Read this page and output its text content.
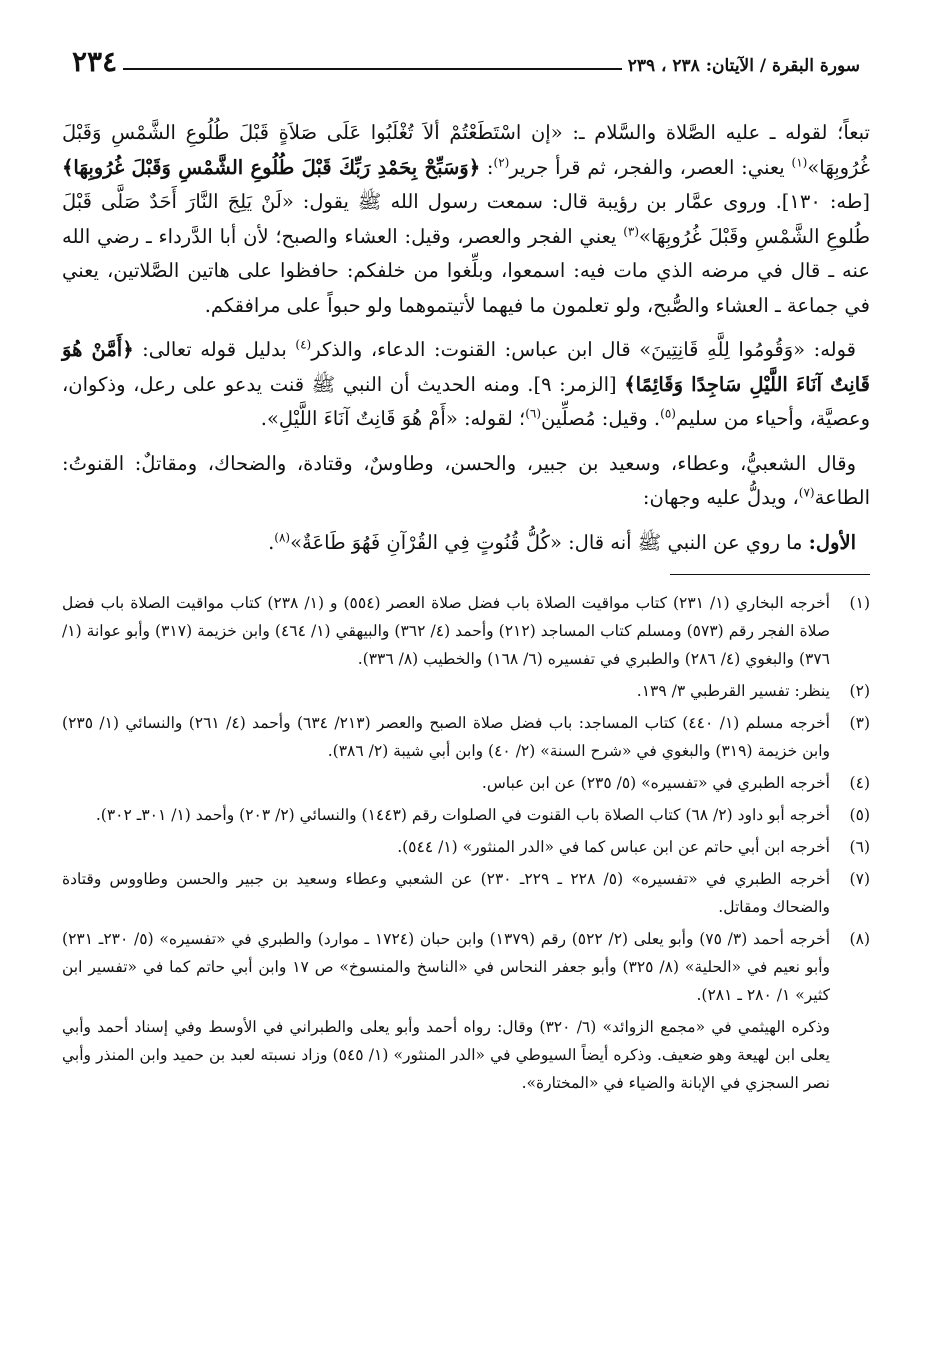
سورة البقرة / الآيتان: ٢٣٨ ، ٢٣٩
٢٣٤

تبعاً؛ لقوله ـ عليه الصَّلاة والسَّلام ـ: «إن اسْتَطَعْتُمْ ألاَ تُغْلَبُوا عَلَى صَلاَةٍ قَبْلَ طُلُوعِ الشَّمْسِ وَقَبْلَ غُرُوبِهَا»$^{(١)}$ يعني: العصر، والفجر، ثم قرأ جرير$^{(٢)}$: ﴿وَسَبِّحْ بِحَمْدِ رَبِّكَ قَبْلَ طُلُوعِ الشَّمْسِ وَقَبْلَ غُرُوبِهَا﴾ [طه: ١٣٠]. وروى عمَّار بن رؤيبة قال: سمعت رسول الله ﷺ يقول: «لَنْ يَلِجَ النَّارَ أَحَدٌ صَلَّى قَبْلَ طُلوعِ الشَّمْسِ وقَبْلَ غُرُوبِهَا»$^{(٣)}$ يعني الفجر والعصر، وقيل: العشاء والصبح؛ لأن أبا الدَّرداء ـ رضي الله عنه ـ قال في مرضه الذي مات فيه: اسمعوا، وبلِّغوا من خلفكم: حافظوا على هاتين الصَّلاتين، يعني في جماعة ـ العشاء والصُّبح، ولو تعلمون ما فيهما لأتيتموهما ولو حبواً على مرافقكم.

قوله: «وَقُومُوا لِلَّهِ قَانِتِينَ» قال ابن عباس: القنوت: الدعاء، والذكر$^{(٤)}$ بدليل قوله تعالى: ﴿أَمَّنْ هُوَ قَانِتٌ آنَاءَ اللَّيْلِ سَاجِدًا وَقَائِمًا﴾ [الزمر: ٩]. ومنه الحديث أن النبي ﷺ قنت يدعو على رعل، وذكوان، وعصيَّة، وأحياء من سليم$^{(٥)}$. وقيل: مُصلِّين$^{(٦)}$؛ لقوله: «أَمْ هُوَ قَانِتٌ آنَاءَ اللَّيْلِ».

وقال الشعبيُّ، وعطاء، وسعيد بن جبير، والحسن، وطاوسٌ، وقتادة، والضحاك، ومقاتلٌ: القنوتُ: الطاعة$^{(٧)}$، ويدلُّ عليه وجهان:

الأول: ما روي عن النبي ﷺ أنه قال: «كُلُّ قُنُوتٍ فِي القُرْآنِ فَهُوَ طَاعَةٌ»$^{(٨)}$.

(١)
أخرجه البخاري (١/ ٢٣١) كتاب مواقيت الصلاة باب فضل صلاة العصر (٥٥٤) و (١/ ٢٣٨) كتاب مواقيت الصلاة باب فضل صلاة الفجر رقم (٥٧٣) ومسلم كتاب المساجد (٢١٢) وأحمد (٤/ ٣٦٢) والبيهقي (١/ ٤٦٤) وابن خزيمة (٣١٧) وأبو عوانة (١/ ٣٧٦) والبغوي (٤/ ٢٨٦) والطبري في تفسيره (٦/ ١٦٨) والخطيب (٨/ ٣٣٦).
(٢)
ينظر: تفسير القرطبي ٣/ ١٣٩.
(٣)
أخرجه مسلم (١/ ٤٤٠) كتاب المساجد: باب فضل صلاة الصبح والعصر (٢١٣/ ٦٣٤) وأحمد (٤/ ٢٦١) والنسائي (١/ ٢٣٥) وابن خزيمة (٣١٩) والبغوي في «شرح السنة» (٢/ ٤٠) وابن أبي شيبة (٢/ ٣٨٦).
(٤)
أخرجه الطبري في «تفسيره» (٥/ ٢٣٥) عن ابن عباس.
(٥)
أخرجه أبو داود (٢/ ٦٨) كتاب الصلاة باب القنوت في الصلوات رقم (١٤٤٣) والنسائي (٢/ ٢٠٣) وأحمد (١/ ٣٠١ـ ٣٠٢).
(٦)
أخرجه ابن أبي حاتم عن ابن عباس كما في «الدر المنثور» (١/ ٥٤٤).
(٧)
أخرجه الطبري في «تفسيره» (٥/ ٢٢٨ ـ ٢٢٩ـ ٢٣٠) عن الشعبي وعطاء وسعيد بن جبير والحسن وطاووس وقتادة والضحاك ومقاتل.
(٨)
أخرجه أحمد (٣/ ٧٥) وأبو يعلى (٢/ ٥٢٢) رقم (١٣٧٩) وابن حبان (١٧٢٤ ـ موارد) والطبري في «تفسيره» (٥/ ٢٣٠ـ ٢٣١) وأبو نعيم في «الحلية» (٨/ ٣٢٥) وأبو جعفر النحاس في «الناسخ والمنسوخ» ص ١٧ وابن أبي حاتم كما في «تفسير ابن كثير» ١/ ٢٨٠ ـ ٢٨١).
وذكره الهيثمي في «مجمع الزوائد» (٦/ ٣٢٠) وقال: رواه أحمد وأبو يعلى والطبراني في الأوسط وفي إسناد أحمد وأبي يعلى ابن لهيعة وهو ضعيف. وذكره أيضاً السيوطي في «الدر المنثور» (١/ ٥٤٥) وزاد نسبته لعبد بن حميد وابن المنذر وأبي نصر السجزي في الإبانة والضياء في «المختارة».
